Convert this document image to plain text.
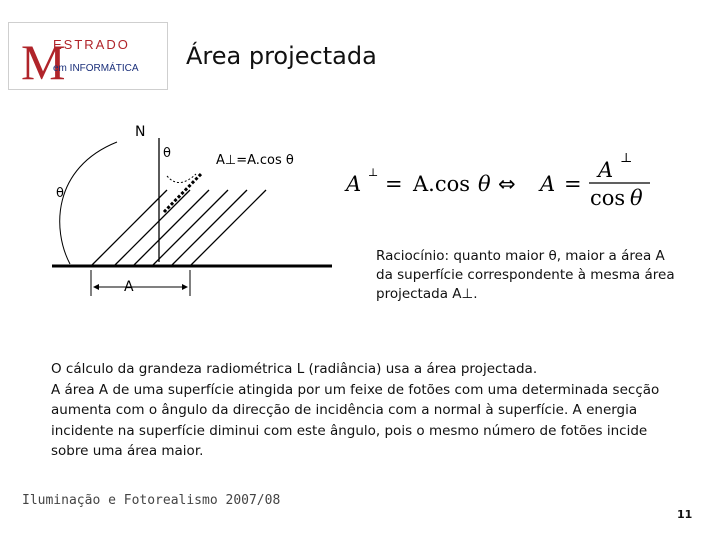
M
ESTRADO
em INFORMÁTICA Área projectada
N
θ	A⊥=A.cos θ
θ
A
A ⊥ = A.cos θ ⇔ A =
A ⊥
cos θ
Raciocínio: quanto maior θ, maior a área A da superfície correspondente à mesma área projectada A⊥.

O cálculo da grandeza radiométrica L (radiância) usa a área projectada.

A área A de uma superfície atingida por um feixe de fotões com uma determinada secção aumenta com o ângulo da direcção de incidência com a normal à superfície. A energia incidente na superfície diminui com este ângulo, pois o mesmo número de fotões incide sobre uma área maior.

Iluminação e Fotorealismo 2007/08
11
